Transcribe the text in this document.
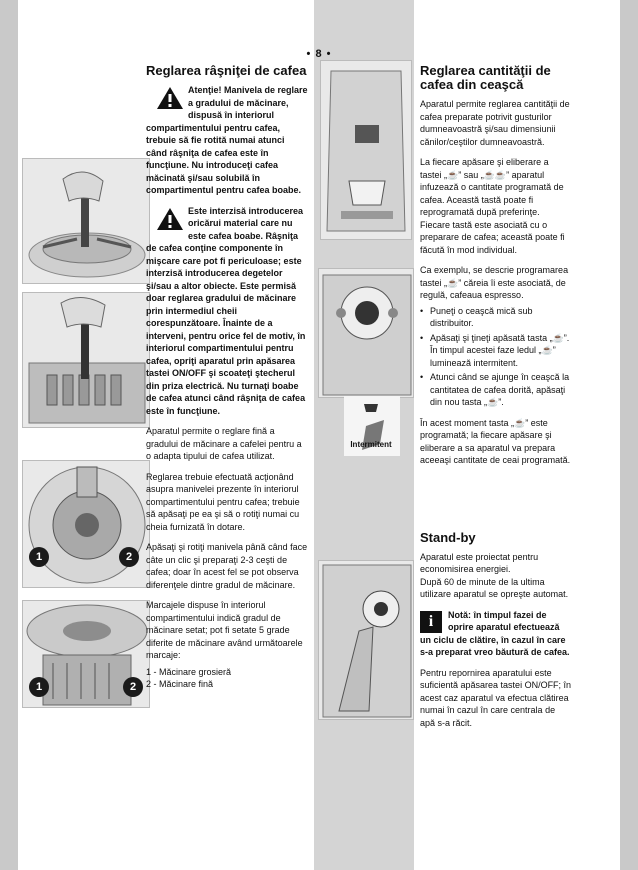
• 8 •
1	2
1	2
Intermitent
Reglarea râşniţei de cafea
Atenţie! Manivela de reglare a gradului de măcinare, dispusă în interiorul compartimentului pentru cafea, trebuie să fie rotită numai atunci când râşniţa de cafea este în funcţiune. Nu introduceţi cafea măcinată şi/sau solubilă în compartimentul pentru cafea boabe.
Este interzisă introducerea oricărui material care nu este cafea boabe. Râşniţa de cafea conţine componente în mişcare care pot fi periculoase; este interzisă introducerea degetelor şi/sau a altor obiecte. Este permisă doar reglarea gradului de măcinare prin intermediul cheii corespunzătoare. Înainte de a interveni, pentru orice fel de motiv, în interiorul compartimentului pentru cafea, opriţi aparatul prin apăsarea tastei ON/OFF şi scoateţi ştecherul din priza electrică. Nu turnaţi boabe de cafea atunci când râşniţa de cafea este în funcţiune.

Aparatul permite o reglare fină a gradului de măcinare a cafelei pentru a o adapta tipului de cafea utilizat.

Reglarea trebuie efectuată acţionând asupra manivelei prezente în interiorul compartimentului pentru cafea; trebuie să apăsaţi pe ea şi să o rotiţi numai cu cheia furnizată în dotare.

Apăsaţi şi rotiţi manivela până când face câte un clic şi preparaţi 2-3 ceşti de cafea; doar în acest fel se pot observa diferenţele dintre gradul de măcinare.

Marcajele dispuse în interiorul compartimentului indică gradul de măcinare setat; pot fi setate 5 grade diferite de măcinare având următoarele marcaje:

1 - Măcinare grosieră
2 - Măcinare fină
Reglarea cantităţii de cafea din ceaşcă

Aparatul permite reglarea cantităţii de cafea preparate potrivit gusturilor dumneavoastră şi/sau dimensiunii cănilor/ceştilor dumneavoastră.

La fiecare apăsare şi eliberare a tastei „☕” sau „☕☕” aparatul infuzează o cantitate programată de cafea. Această tastă poate fi reprogramată după preferinţe. Fiecare tastă este asociată cu o preparare de cafea; această poate fi făcută în mod individual.

Ca exemplu, se descrie programarea tastei „☕” căreia îi este asociată, de regulă, cafeaua espresso.

• Puneţi o ceaşcă mică sub distribuitor.
• Apăsaţi şi ţineţi apăsată tasta „☕”. În timpul acestei faze ledul „☕” luminează intermitent.
• Atunci când se ajunge în ceaşcă la cantitatea de cafea dorită, apăsaţi din nou tasta „☕”.

În acest moment tasta „☕” este programată; la fiecare apăsare şi eliberare a sa aparatul va prepara aceeaşi cantitate de ceai programată.

Stand-by

Aparatul este proiectat pentru economisirea energiei.

După 60 de minute de la ultima utilizare aparatul se opreşte automat.

i	Notă: în timpul fazei de oprire aparatul efectuează un ciclu de clătire, în cazul în care s-a preparat vreo băutură de cafea.

Pentru repornirea aparatului este suficientă apăsarea tastei ON/OFF; în acest caz aparatul va efectua clătirea numai în cazul în care centrala de apă s-a răcit.
